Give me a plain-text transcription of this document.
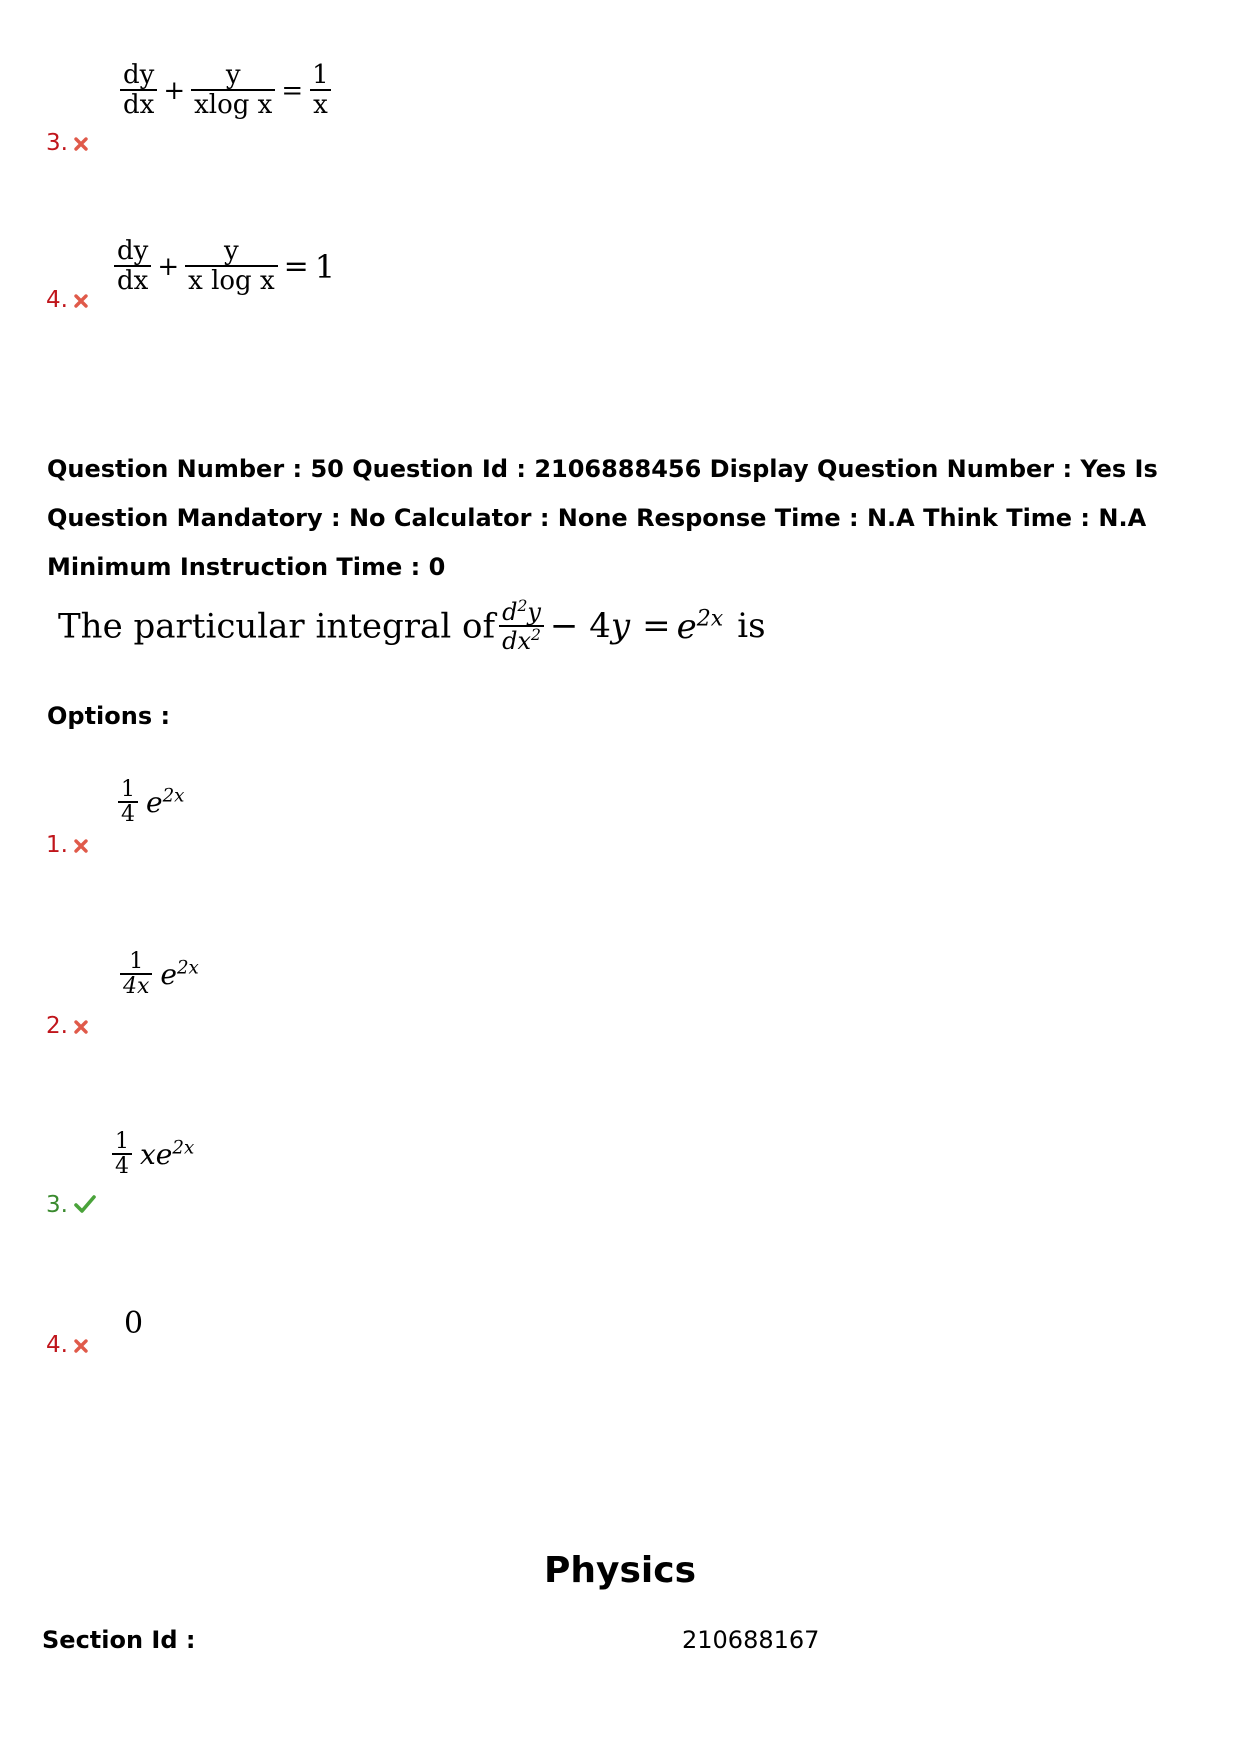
$\frac{dy}{dx} + \frac{y}{\text{xlog x}} = \frac{1}{x}$
3.
$\frac{dy}{dx} + \frac{y}{\text{x log x}} = 1$
4.
Question Number : 50 Question Id : 2106888456 Display Question Number : Yes Is Question Mandatory : No Calculator : None Response Time : N.A Think Time : N.A Minimum Instruction Time : 0
The particular integral of $\frac{d^2y}{dx^2} - 4y = e^{2x}$ is
Options :
$\frac{1}{4} e^{2x}$
1.
$\frac{1}{4x} e^{2x}$
2.
$\frac{1}{4} xe^{2x}$
3.
0
4.
Physics
Section Id :	210688167
